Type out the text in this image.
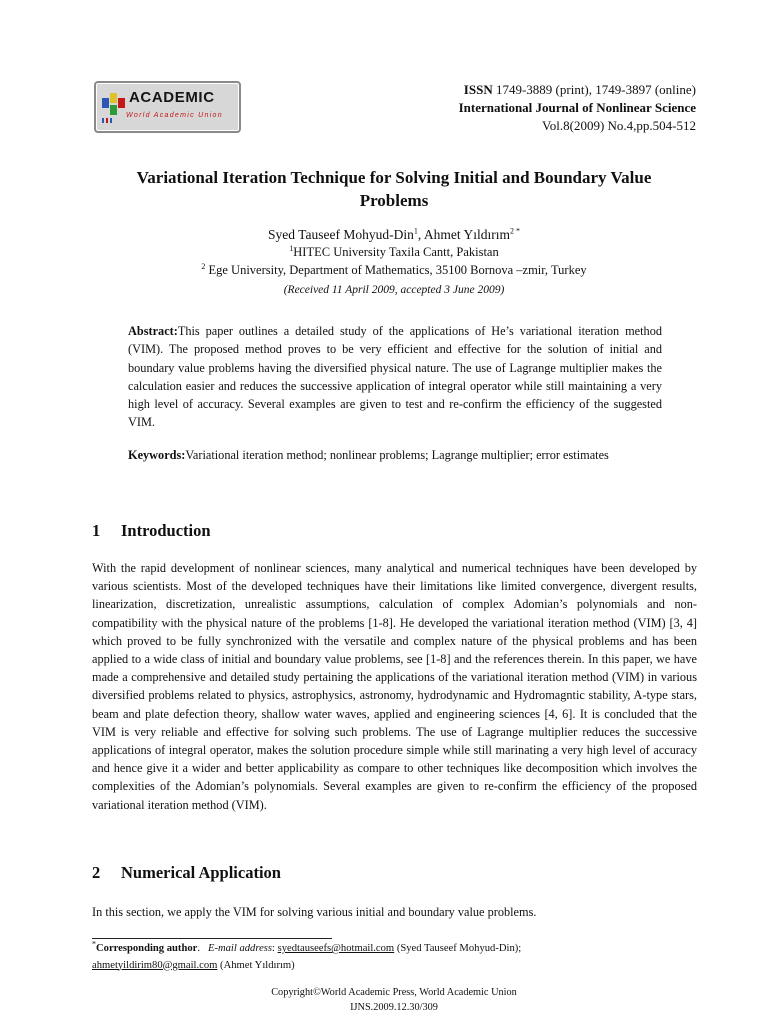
ACADEMIC
World Academic Union
ISSN 1749-3889 (print), 1749-3897 (online)
International Journal of Nonlinear Science
Vol.8(2009) No.4,pp.504-512
Variational Iteration Technique for Solving Initial and Boundary Value
Problems
Syed Tauseef Mohyud-Din$^1$, Ahmet Yıldırım$^{2 *}$
$^1$HITEC University Taxila Cantt, Pakistan
$^2$ Ege University, Department of Mathematics, 35100 Bornova –zmir, Turkey
(Received 11 April 2009, accepted 3 June 2009)
Abstract:This paper outlines a detailed study of the applications of He’s variational iteration method (VIM). The proposed method proves to be very efficient and effective for the solution of initial and boundary value problems having the diversified physical nature. The use of Lagrange multiplier makes the calculation easier and reduces the successive application of integral operator while still maintaining a very high level of accuracy. Several examples are given to test and re-confirm the efficiency of the suggested VIM.
Keywords:Variational iteration method; nonlinear problems; Lagrange multiplier; error estimates
1 Introduction
With the rapid development of nonlinear sciences, many analytical and numerical techniques have been developed by various scientists. Most of the developed techniques have their limitations like limited convergence, divergent results, linearization, discretization, unrealistic assumptions, calculation of complex Adomian’s polynomials and non-compatibility with the physical nature of the problems [1-8]. He developed the variational iteration method (VIM) [3, 4] which proved to be fully synchronized with the versatile and complex nature of the physical problems and has been applied to a wide class of initial and boundary value problems, see [1-8] and the references therein. In this paper, we have made a comprehensive and detailed study pertaining the applications of the variational iteration method (VIM) in various diversified problems related to physics, astrophysics, astronomy, hydrodynamic and Hydromagntic stability, A-type stars, beam and plate defection theory, shallow water waves, applied and engineering sciences [4, 6]. It is concluded that the VIM is very reliable and effective for solving such problems. The use of Lagrange multiplier reduces the successive applications of integral operator, makes the solution procedure simple while still marinating a very high level of accuracy and hence give it a wider and better applicability as compare to other techniques like decomposition which involves the complexities of the Adomian’s polynomials. Several examples are given to re-confirm the efficiency of the proposed variational iteration method (VIM).
2 Numerical Application
In this section, we apply the VIM for solving various initial and boundary value problems.
*Corresponding author. E-mail address: syedtauseefs@hotmail.com (Syed Tauseef Mohyud-Din);
ahmetyildirim80@gmail.com (Ahmet Yıldırım)
Copyright©World Academic Press, World Academic Union
IJNS.2009.12.30/309
